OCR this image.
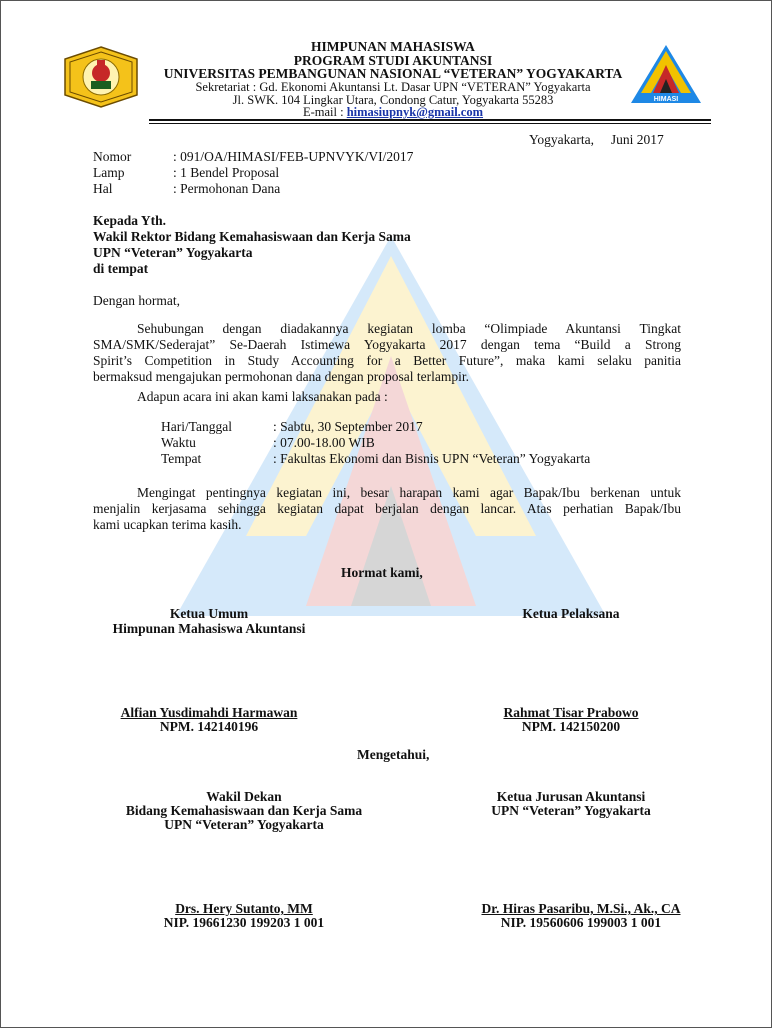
HIMASI
HIMPUNAN MAHASISWA
PROGRAM STUDI AKUNTANSI
UNIVERSITAS PEMBANGUNAN NASIONAL “VETERAN” YOGYAKARTA
Sekretariat : Gd. Ekonomi Akuntansi Lt. Dasar UPN “VETERAN” Yogyakarta
Jl. SWK. 104 Lingkar Utara, Condong Catur, Yogyakarta 55283
E-mail : himasiupnyk@gmail.com
Yogyakarta,     Juni 2017
Nomor	: 091/OA/HIMASI/FEB-UPNVYK/VI/2017
Lamp	: 1 Bendel Proposal
Hal	: Permohonan Dana
Kepada Yth.
Wakil Rektor Bidang Kemahasiswaan dan Kerja Sama
UPN “Veteran” Yogyakarta
di tempat
Dengan hormat,
Sehubungan dengan diadakannya kegiatan lomba “Olimpiade Akuntansi Tingkat
SMA/SMK/Sederajat” Se-Daerah Istimewa Yogyakarta 2017 dengan tema “Build a Strong
Spirit’s Competition in Study Accounting for a Better Future”, maka kami selaku panitia
bermaksud mengajukan permohonan dana dengan proposal terlampir.
Adapun acara ini akan kami laksanakan pada :
Hari/Tanggal	: Sabtu, 30 September 2017
Waktu	: 07.00-18.00 WIB
Tempat	: Fakultas Ekonomi dan Bisnis UPN “Veteran” Yogyakarta
Mengingat pentingnya kegiatan ini, besar harapan kami agar Bapak/Ibu berkenan untuk
menjalin kerjasama sehingga kegiatan dapat berjalan dengan lancar. Atas perhatian Bapak/Ibu
kami ucapkan terima kasih.
Hormat kami,
Ketua Umum
Himpunan Mahasiswa Akuntansi
Ketua Pelaksana
Alfian Yusdimahdi Harmawan
NPM. 142140196
Rahmat Tisar Prabowo
NPM. 142150200
Mengetahui,
Wakil Dekan
Bidang Kemahasiswaan dan Kerja Sama
UPN “Veteran” Yogyakarta
Ketua Jurusan Akuntansi
UPN “Veteran” Yogyakarta
Drs. Hery Sutanto, MM
NIP. 19661230 199203 1 001
Dr. Hiras Pasaribu, M.Si., Ak., CA
NIP. 19560606 199003 1 001
